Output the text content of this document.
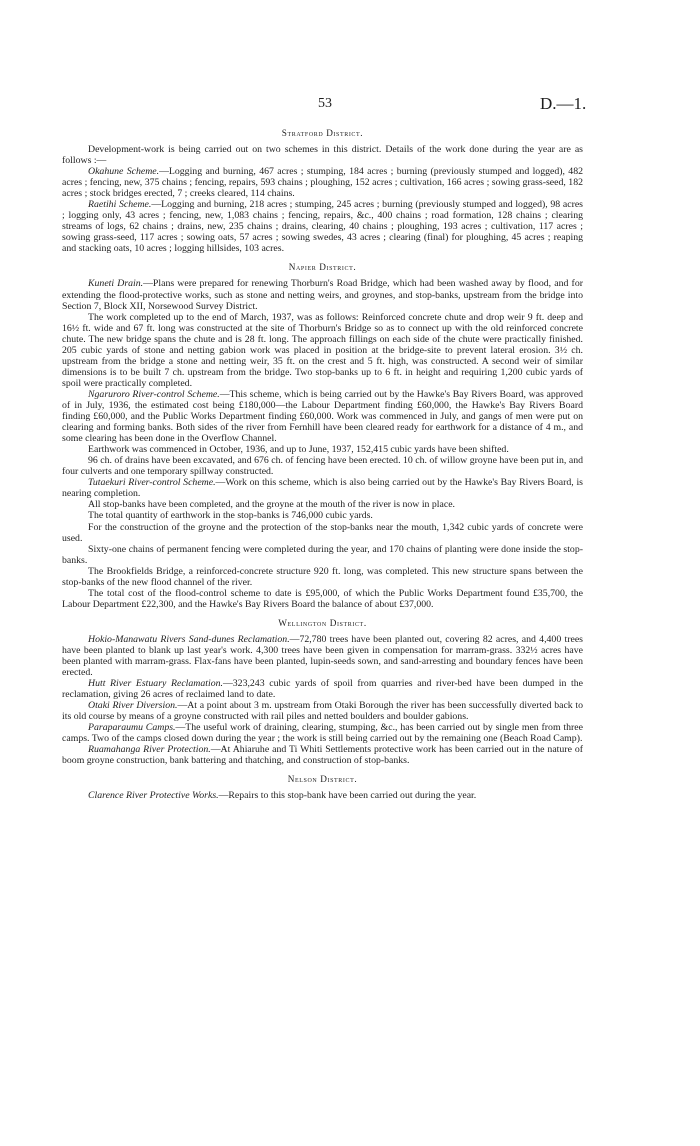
53	D.—1.
Stratford District.

Development-work is being carried out on two schemes in this district. Details of the work done during the year are as follows :—

Okahune Scheme.—Logging and burning, 467 acres ; stumping, 184 acres ; burning (previously stumped and logged), 482 acres ; fencing, new, 375 chains ; fencing, repairs, 593 chains ; ploughing, 152 acres ; cultivation, 166 acres ; sowing grass-seed, 182 acres ; stock bridges erected, 7 ; creeks cleared, 114 chains.

Raetihi Scheme.—Logging and burning, 218 acres ; stumping, 245 acres ; burning (previously stumped and logged), 98 acres ; logging only, 43 acres ; fencing, new, 1,083 chains ; fencing, repairs, &c., 400 chains ; road formation, 128 chains ; clearing streams of logs, 62 chains ; drains, new, 235 chains ; drains, clearing, 40 chains ; ploughing, 193 acres ; cultivation, 117 acres ; sowing grass-seed, 117 acres ; sowing oats, 57 acres ; sowing swedes, 43 acres ; clearing (final) for ploughing, 45 acres ; reaping and stacking oats, 10 acres ; logging hillsides, 103 acres.

Napier District.

Kuneti Drain.—Plans were prepared for renewing Thorburn's Road Bridge, which had been washed away by flood, and for extending the flood-protective works, such as stone and netting weirs, and groynes, and stop-banks, upstream from the bridge into Section 7, Block XII, Norsewood Survey District.

The work completed up to the end of March, 1937, was as follows: Reinforced concrete chute and drop weir 9 ft. deep and 16½ ft. wide and 67 ft. long was constructed at the site of Thorburn's Bridge so as to connect up with the old reinforced concrete chute. The new bridge spans the chute and is 28 ft. long. The approach fillings on each side of the chute were practically finished. 205 cubic yards of stone and netting gabion work was placed in position at the bridge-site to prevent lateral erosion. 3½ ch. upstream from the bridge a stone and netting weir, 35 ft. on the crest and 5 ft. high, was constructed. A second weir of similar dimensions is to be built 7 ch. upstream from the bridge. Two stop-banks up to 6 ft. in height and requiring 1,200 cubic yards of spoil were practically completed.

Ngaruroro River-control Scheme.—This scheme, which is being carried out by the Hawke's Bay Rivers Board, was approved of in July, 1936, the estimated cost being £180,000—the Labour Department finding £60,000, the Hawke's Bay Rivers Board finding £60,000, and the Public Works Department finding £60,000. Work was commenced in July, and gangs of men were put on clearing and forming banks. Both sides of the river from Fernhill have been cleared ready for earthwork for a distance of 4 m., and some clearing has been done in the Overflow Channel.

Earthwork was commenced in October, 1936, and up to June, 1937, 152,415 cubic yards have been shifted.

96 ch. of drains have been excavated, and 676 ch. of fencing have been erected. 10 ch. of willow groyne have been put in, and four culverts and one temporary spillway constructed.

Tutaekuri River-control Scheme.—Work on this scheme, which is also being carried out by the Hawke's Bay Rivers Board, is nearing completion.

All stop-banks have been completed, and the groyne at the mouth of the river is now in place.

The total quantity of earthwork in the stop-banks is 746,000 cubic yards.

For the construction of the groyne and the protection of the stop-banks near the mouth, 1,342 cubic yards of concrete were used.

Sixty-one chains of permanent fencing were completed during the year, and 170 chains of planting were done inside the stop-banks.

The Brookfields Bridge, a reinforced-concrete structure 920 ft. long, was completed. This new structure spans between the stop-banks of the new flood channel of the river.

The total cost of the flood-control scheme to date is £95,000, of which the Public Works Department found £35,700, the Labour Department £22,300, and the Hawke's Bay Rivers Board the balance of about £37,000.

Wellington District.

Hokio-Manawatu Rivers Sand-dunes Reclamation.—72,780 trees have been planted out, covering 82 acres, and 4,400 trees have been planted to blank up last year's work. 4,300 trees have been given in compensation for marram-grass. 332½ acres have been planted with marram-grass. Flax-fans have been planted, lupin-seeds sown, and sand-arresting and boundary fences have been erected.

Hutt River Estuary Reclamation.—323,243 cubic yards of spoil from quarries and river-bed have been dumped in the reclamation, giving 26 acres of reclaimed land to date.

Otaki River Diversion.—At a point about 3 m. upstream from Otaki Borough the river has been successfully diverted back to its old course by means of a groyne constructed with rail piles and netted boulders and boulder gabions.

Paraparaumu Camps.—The useful work of draining, clearing, stumping, &c., has been carried out by single men from three camps. Two of the camps closed down during the year ; the work is still being carried out by the remaining one (Beach Road Camp).

Ruamahanga River Protection.—At Ahiaruhe and Ti Whiti Settlements protective work has been carried out in the nature of boom groyne construction, bank battering and thatching, and construction of stop-banks.

Nelson District.

Clarence River Protective Works.—Repairs to this stop-bank have been carried out during the year.
